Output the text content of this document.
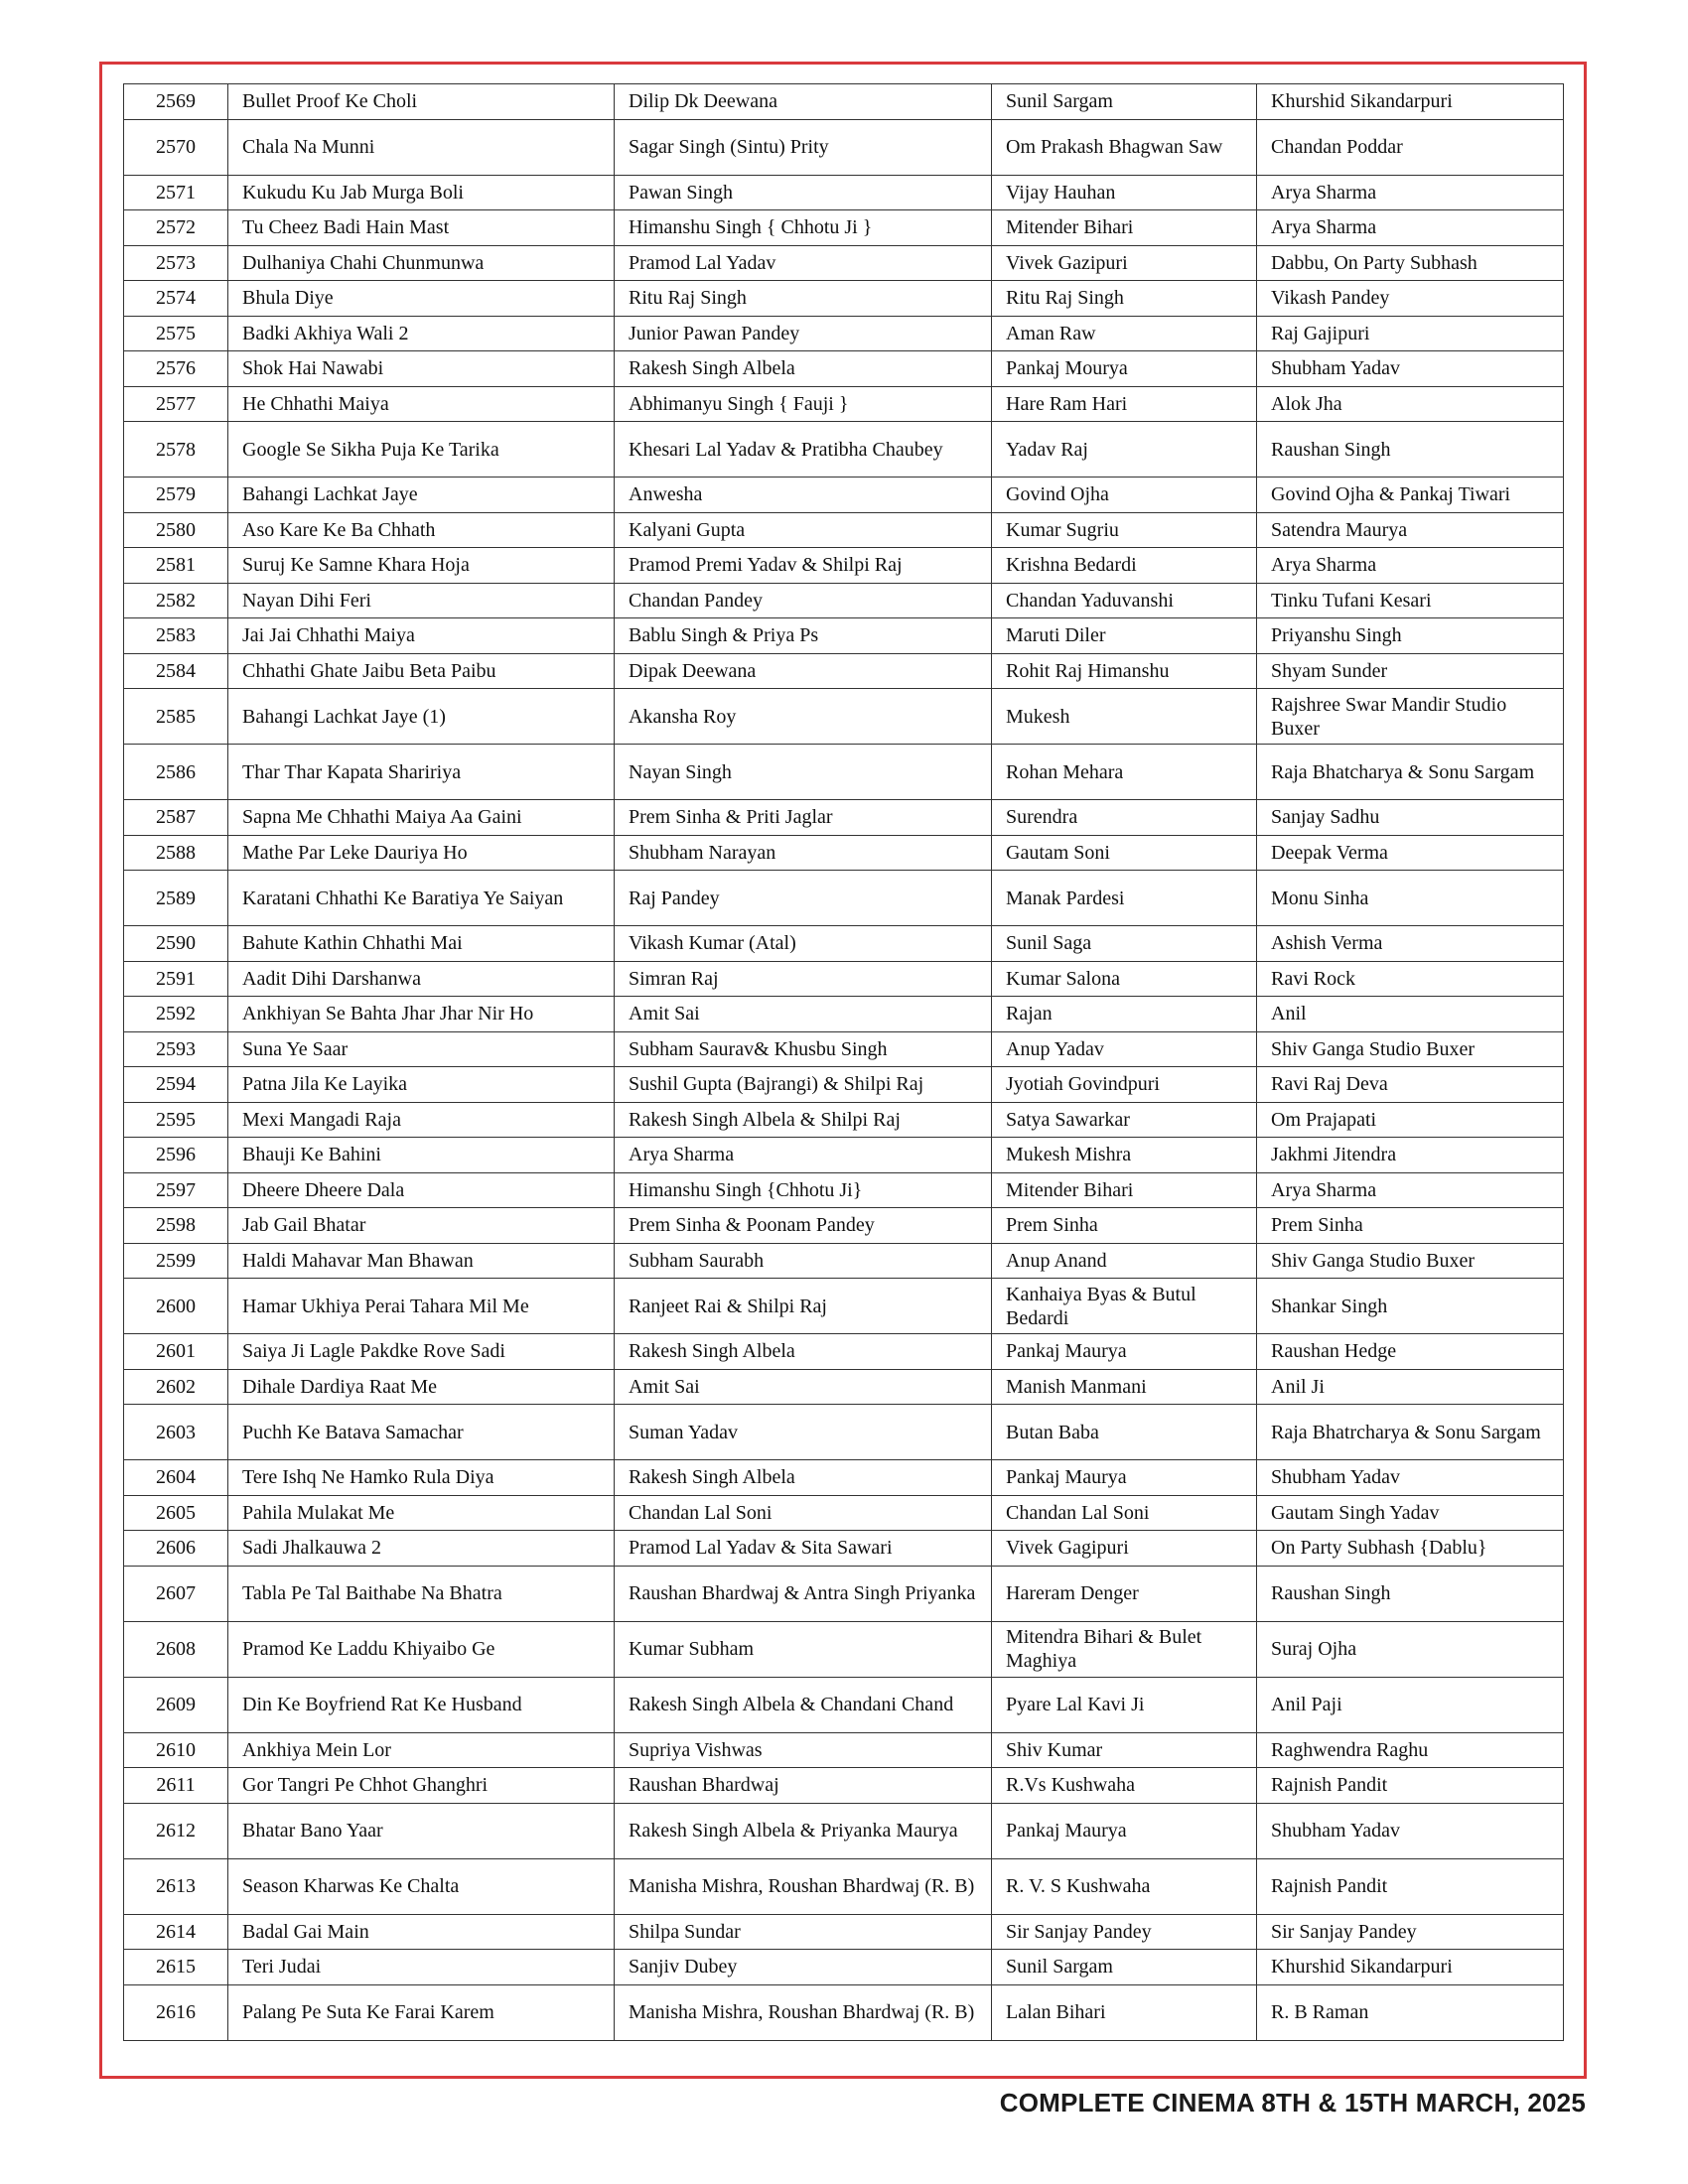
2569	Bullet Proof Ke Choli	Dilip Dk Deewana	Sunil Sargam	Khurshid Sikandarpuri
2570	Chala Na Munni	Sagar Singh (Sintu) Prity	Om Prakash Bhagwan Saw	Chandan Poddar
2571	Kukudu Ku Jab Murga Boli	Pawan Singh	Vijay Hauhan	Arya Sharma
2572	Tu Cheez Badi Hain Mast	Himanshu Singh { Chhotu Ji }	Mitender Bihari	Arya Sharma
2573	Dulhaniya Chahi Chunmunwa	Pramod Lal Yadav	Vivek Gazipuri	Dabbu, On Party Subhash
2574	Bhula Diye	Ritu Raj Singh	Ritu Raj Singh	Vikash Pandey
2575	Badki Akhiya Wali 2	Junior Pawan Pandey	Aman Raw	Raj Gajipuri
2576	Shok Hai Nawabi	Rakesh Singh Albela	Pankaj Mourya	Shubham Yadav
2577	He Chhathi Maiya	Abhimanyu Singh { Fauji }	Hare Ram Hari	Alok Jha
2578	Google Se Sikha Puja Ke Tarika	Khesari Lal Yadav & Pratibha Chaubey	Yadav Raj	Raushan Singh
2579	Bahangi Lachkat Jaye	Anwesha	Govind Ojha	Govind Ojha & Pankaj Tiwari
2580	Aso Kare Ke Ba Chhath	Kalyani Gupta	Kumar Sugriu	Satendra Maurya
2581	Suruj Ke Samne Khara Hoja	Pramod Premi Yadav & Shilpi Raj	Krishna Bedardi	Arya Sharma
2582	Nayan Dihi Feri	Chandan Pandey	Chandan Yaduvanshi	Tinku Tufani Kesari
2583	Jai Jai Chhathi Maiya	Bablu Singh & Priya Ps	Maruti Diler	Priyanshu Singh
2584	Chhathi Ghate Jaibu Beta Paibu	Dipak Deewana	Rohit Raj Himanshu	Shyam Sunder
2585	Bahangi Lachkat Jaye (1)	Akansha Roy	Mukesh	Rajshree Swar Mandir Studio Buxer
2586	Thar Thar Kapata Shaririya	Nayan Singh	Rohan Mehara	Raja Bhatcharya & Sonu Sargam
2587	Sapna Me Chhathi Maiya Aa Gaini	Prem Sinha & Priti Jaglar	Surendra	Sanjay Sadhu
2588	Mathe Par Leke Dauriya Ho	Shubham Narayan	Gautam Soni	Deepak Verma
2589	Karatani Chhathi Ke Baratiya Ye Saiyan	Raj Pandey	Manak Pardesi	Monu Sinha
2590	Bahute Kathin Chhathi Mai	Vikash Kumar (Atal)	Sunil Saga	Ashish Verma
2591	Aadit Dihi Darshanwa	Simran Raj	Kumar Salona	Ravi Rock
2592	Ankhiyan Se Bahta Jhar Jhar Nir Ho	Amit Sai	Rajan	Anil
2593	Suna Ye Saar	Subham Saurav& Khusbu Singh	Anup Yadav	Shiv Ganga Studio Buxer
2594	Patna Jila Ke Layika	Sushil Gupta (Bajrangi) & Shilpi Raj	Jyotiah Govindpuri	Ravi Raj Deva
2595	Mexi Mangadi Raja	Rakesh Singh Albela & Shilpi Raj	Satya Sawarkar	Om Prajapati
2596	Bhauji Ke Bahini	Arya Sharma	Mukesh Mishra	Jakhmi Jitendra
2597	Dheere Dheere Dala	Himanshu Singh {Chhotu Ji}	Mitender Bihari	Arya Sharma
2598	Jab Gail Bhatar	Prem Sinha & Poonam Pandey	Prem Sinha	Prem Sinha
2599	Haldi Mahavar Man Bhawan	Subham Saurabh	Anup Anand	Shiv Ganga Studio Buxer
2600	Hamar Ukhiya Perai Tahara Mil Me	Ranjeet Rai & Shilpi Raj	Kanhaiya Byas & Butul Bedardi	Shankar Singh
2601	Saiya Ji Lagle Pakdke Rove Sadi	Rakesh Singh Albela	Pankaj Maurya	Raushan Hedge
2602	Dihale Dardiya Raat Me	Amit Sai	Manish Manmani	Anil Ji
2603	Puchh Ke Batava Samachar	Suman Yadav	Butan Baba	Raja Bhatrcharya & Sonu Sargam
2604	Tere Ishq Ne Hamko Rula Diya	Rakesh Singh Albela	Pankaj Maurya	Shubham Yadav
2605	Pahila Mulakat Me	Chandan Lal Soni	Chandan Lal Soni	Gautam Singh Yadav
2606	Sadi Jhalkauwa 2	Pramod Lal Yadav & Sita Sawari	Vivek Gagipuri	On Party Subhash {Dablu}
2607	Tabla Pe Tal Baithabe Na Bhatra	Raushan Bhardwaj & Antra Singh Priyanka	Hareram Denger	Raushan Singh
2608	Pramod Ke Laddu Khiyaibo Ge	Kumar Subham	Mitendra Bihari & Bulet Maghiya	Suraj Ojha
2609	Din Ke Boyfriend Rat Ke Husband	Rakesh Singh Albela & Chandani Chand	Pyare Lal Kavi Ji	Anil Paji
2610	Ankhiya Mein Lor	Supriya Vishwas	Shiv Kumar	Raghwendra Raghu
2611	Gor Tangri Pe Chhot Ghanghri	Raushan Bhardwaj	R.Vs Kushwaha	Rajnish Pandit
2612	Bhatar Bano Yaar	Rakesh Singh Albela & Priyanka Maurya	Pankaj Maurya	Shubham Yadav
2613	Season Kharwas Ke Chalta	Manisha Mishra, Roushan Bhardwaj (R. B)	R. V. S Kushwaha	Rajnish Pandit
2614	Badal Gai Main	Shilpa Sundar	Sir Sanjay Pandey	Sir Sanjay Pandey
2615	Teri Judai	Sanjiv Dubey	Sunil Sargam	Khurshid Sikandarpuri
2616	Palang Pe Suta Ke Farai Karem	Manisha Mishra, Roushan Bhardwaj (R. B)	Lalan Bihari	R. B Raman
COMPLETE CINEMA 8TH & 15TH MARCH, 2025
